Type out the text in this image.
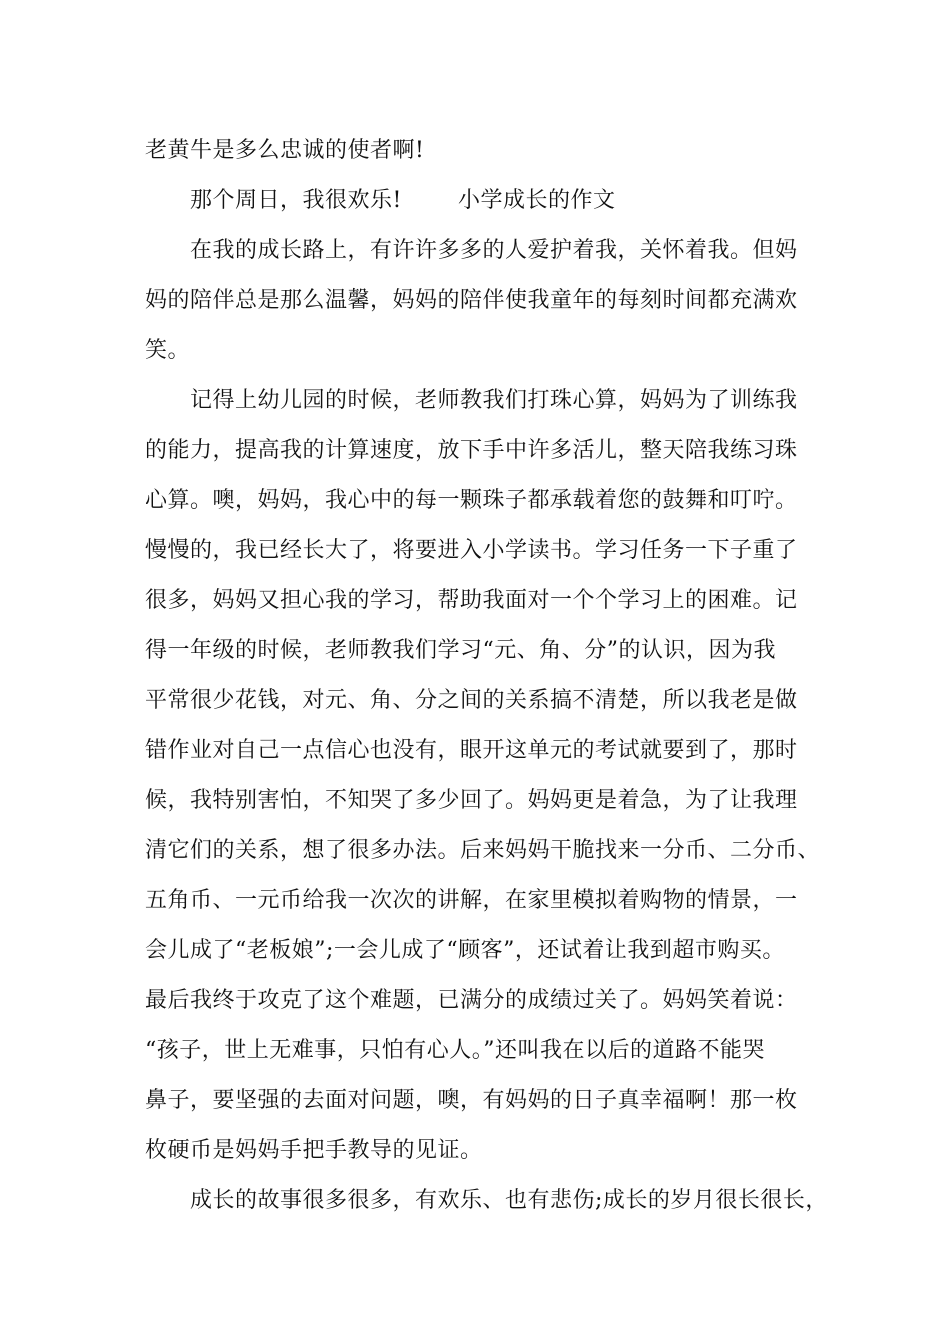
老黄牛是多么忠诚的使者啊!
那个周日，我很欢乐!	小学成长的作文
在我的成长路上，有许许多多的人爱护着我，关怀着我。但妈
妈的陪伴总是那么温馨，妈妈的陪伴使我童年的每刻时间都充满欢
笑。
记得上幼儿园的时候，老师教我们打珠心算，妈妈为了训练我
的能力，提高我的计算速度，放下手中许多活儿，整天陪我练习珠
心算。噢，妈妈，我心中的每一颗珠子都承载着您的鼓舞和叮咛。
慢慢的，我已经长大了，将要进入小学读书。学习任务一下子重了
很多，妈妈又担心我的学习，帮助我面对一个个学习上的困难。记
得一年级的时候，老师教我们学习“元、角、分”的认识，因为我
平常很少花钱，对元、角、分之间的关系搞不清楚，所以我老是做
错作业对自己一点信心也没有，眼开这单元的考试就要到了，那时
候，我特别害怕，不知哭了多少回了。妈妈更是着急，为了让我理
清它们的关系，想了很多办法。后来妈妈干脆找来一分币、二分币、
五角币、一元币给我一次次的讲解，在家里模拟着购物的情景，一
会儿成了“老板娘”;一会儿成了“顾客”，还试着让我到超市购买。
最后我终于攻克了这个难题，已满分的成绩过关了。妈妈笑着说：
“孩子，世上无难事，只怕有心人。”还叫我在以后的道路不能哭
鼻子，要坚强的去面对问题，噢，有妈妈的日子真幸福啊！那一枚
枚硬币是妈妈手把手教导的见证。
成长的故事很多很多，有欢乐、也有悲伤;成长的岁月很长很长，
